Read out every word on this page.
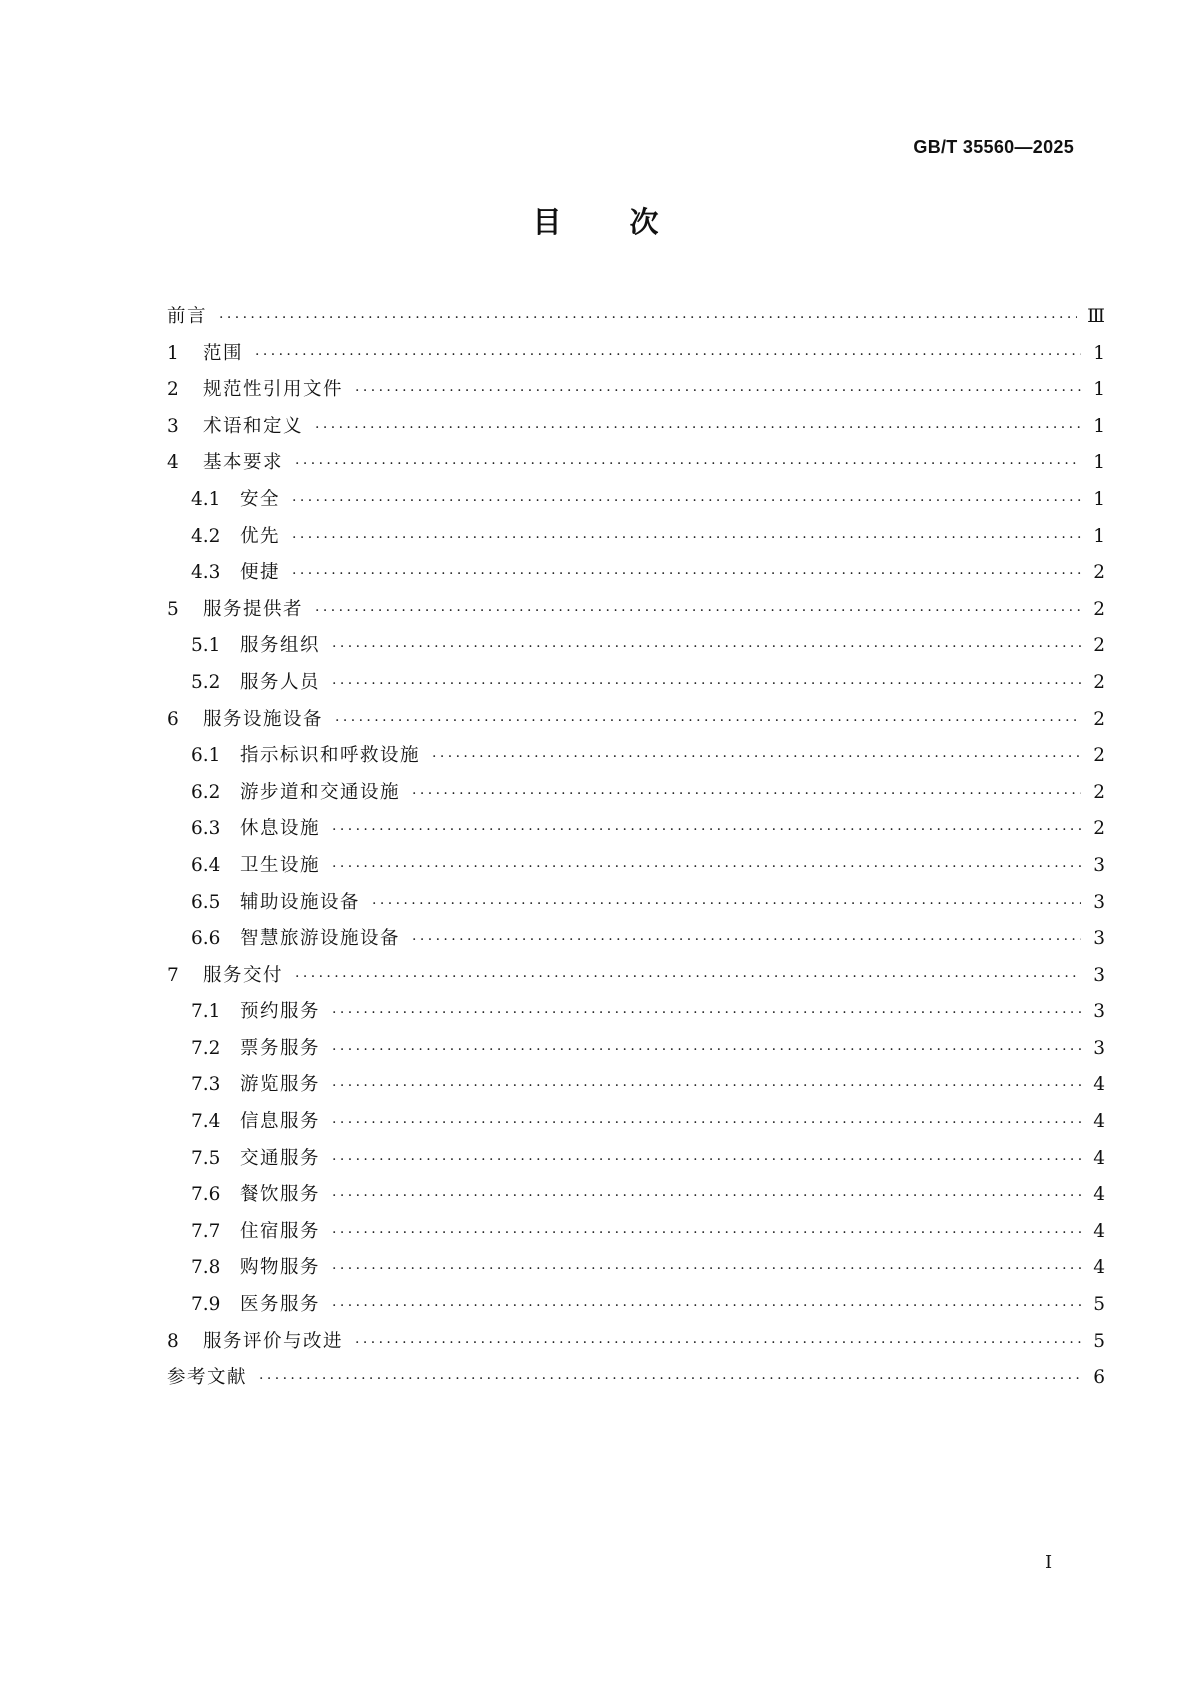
GB/T 35560—2025
目 次
前言 ·····	Ⅲ
1	范围 ·····	1
2	规范性引用文件 ·····	1
3	术语和定义 ·····	1
4	基本要求 ·····	1
4.1	安全 ·····	1
4.2	优先 ·····	1
4.3	便捷 ·····	2
5	服务提供者 ·····	2
5.1	服务组织 ·····	2
5.2	服务人员 ·····	2
6	服务设施设备 ·····	2
6.1	指示标识和呼救设施 ·····	2
6.2	游步道和交通设施 ·····	2
6.3	休息设施 ·····	2
6.4	卫生设施 ·····	3
6.5	辅助设施设备 ·····	3
6.6	智慧旅游设施设备 ·····	3
7	服务交付 ·····	3
7.1	预约服务 ·····	3
7.2	票务服务 ·····	3
7.3	游览服务 ·····	4
7.4	信息服务 ·····	4
7.5	交通服务 ·····	4
7.6	餐饮服务 ·····	4
7.7	住宿服务 ·····	4
7.8	购物服务 ·····	4
7.9	医务服务 ·····	5
8	服务评价与改进 ·····	5
参考文献 ·····	6
I
